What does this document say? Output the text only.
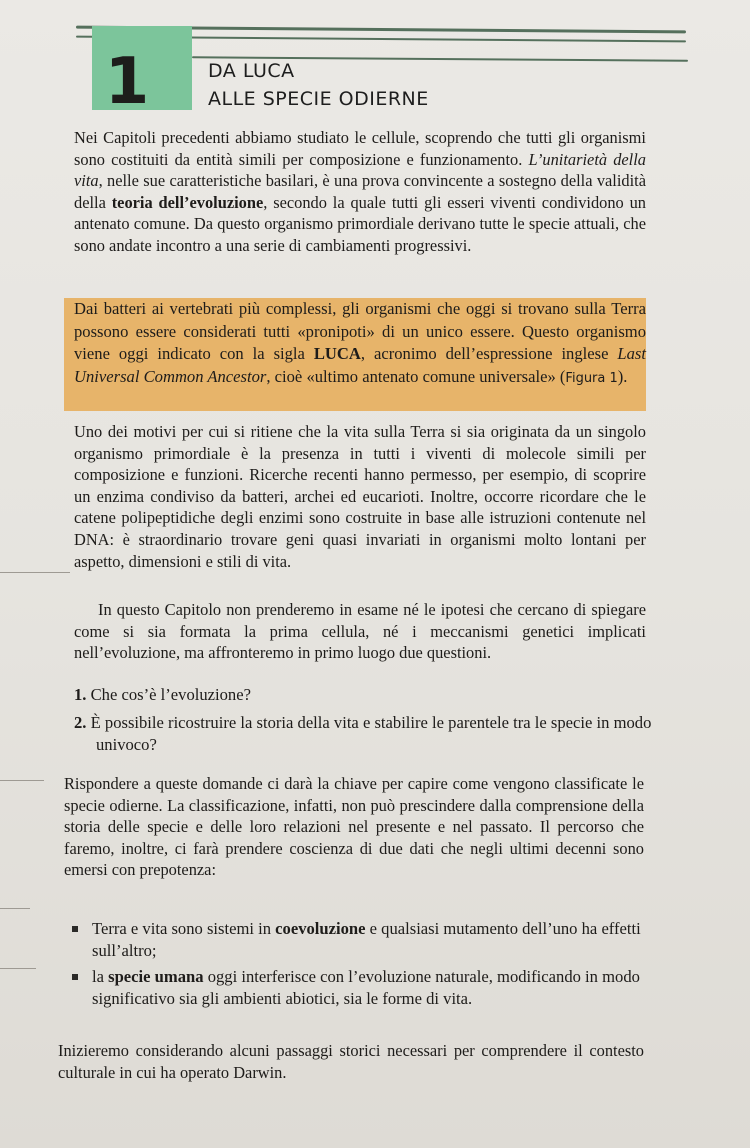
1	DA LUCA
ALLE SPECIE ODIERNE

Nei Capitoli precedenti abbiamo studiato le cellule, scoprendo che tutti gli organismi sono costituiti da entità simili per composizione e funzionamento. L’unitarietà della vita, nelle sue caratteristiche basilari, è una prova convincente a sostegno della validità della teoria dell’evoluzione, secondo la quale tutti gli esseri viventi condividono un antenato comune. Da questo organismo primordiale derivano tutte le specie attuali, che sono andate incontro a una serie di cambiamenti progressivi.

Dai batteri ai vertebrati più complessi, gli organismi che oggi si trovano sulla Terra possono essere considerati tutti «pronipoti» di un unico essere. Questo organismo viene oggi indicato con la sigla LUCA, acronimo dell’espressione inglese Last Universal Common Ancestor, cioè «ultimo antenato comune universale» (Figura 1).

Uno dei motivi per cui si ritiene che la vita sulla Terra si sia originata da un singolo organismo primordiale è la presenza in tutti i viventi di molecole simili per composizione e funzioni. Ricerche recenti hanno permesso, per esempio, di scoprire un enzima condiviso da batteri, archei ed eucarioti. Inoltre, occorre ricordare che le catene polipeptidiche degli enzimi sono costruite in base alle istruzioni contenute nel DNA: è straordinario trovare geni quasi invariati in organismi molto lontani per aspetto, dimensioni e stili di vita.

In questo Capitolo non prenderemo in esame né le ipotesi che cercano di spiegare come si sia formata la prima cellula, né i meccanismi genetici implicati nell’evoluzione, ma affronteremo in primo luogo due questioni.

1. Che cos’è l’evoluzione?
2. È possibile ricostruire la storia della vita e stabilire le parentele tra le specie in modo univoco?

Rispondere a queste domande ci darà la chiave per capire come vengono classificate le specie odierne. La classificazione, infatti, non può prescindere dalla comprensione della storia delle specie e delle loro relazioni nel presente e nel passato. Il percorso che faremo, inoltre, ci farà prendere coscienza di due dati che negli ultimi decenni sono emersi con prepotenza:

Terra e vita sono sistemi in coevoluzione e qualsiasi mutamento dell’uno ha effetti sull’altro;
la specie umana oggi interferisce con l’evoluzione naturale, modificando in modo significativo sia gli ambienti abiotici, sia le forme di vita.

Inizieremo considerando alcuni passaggi storici necessari per comprendere il contesto culturale in cui ha operato Darwin.
